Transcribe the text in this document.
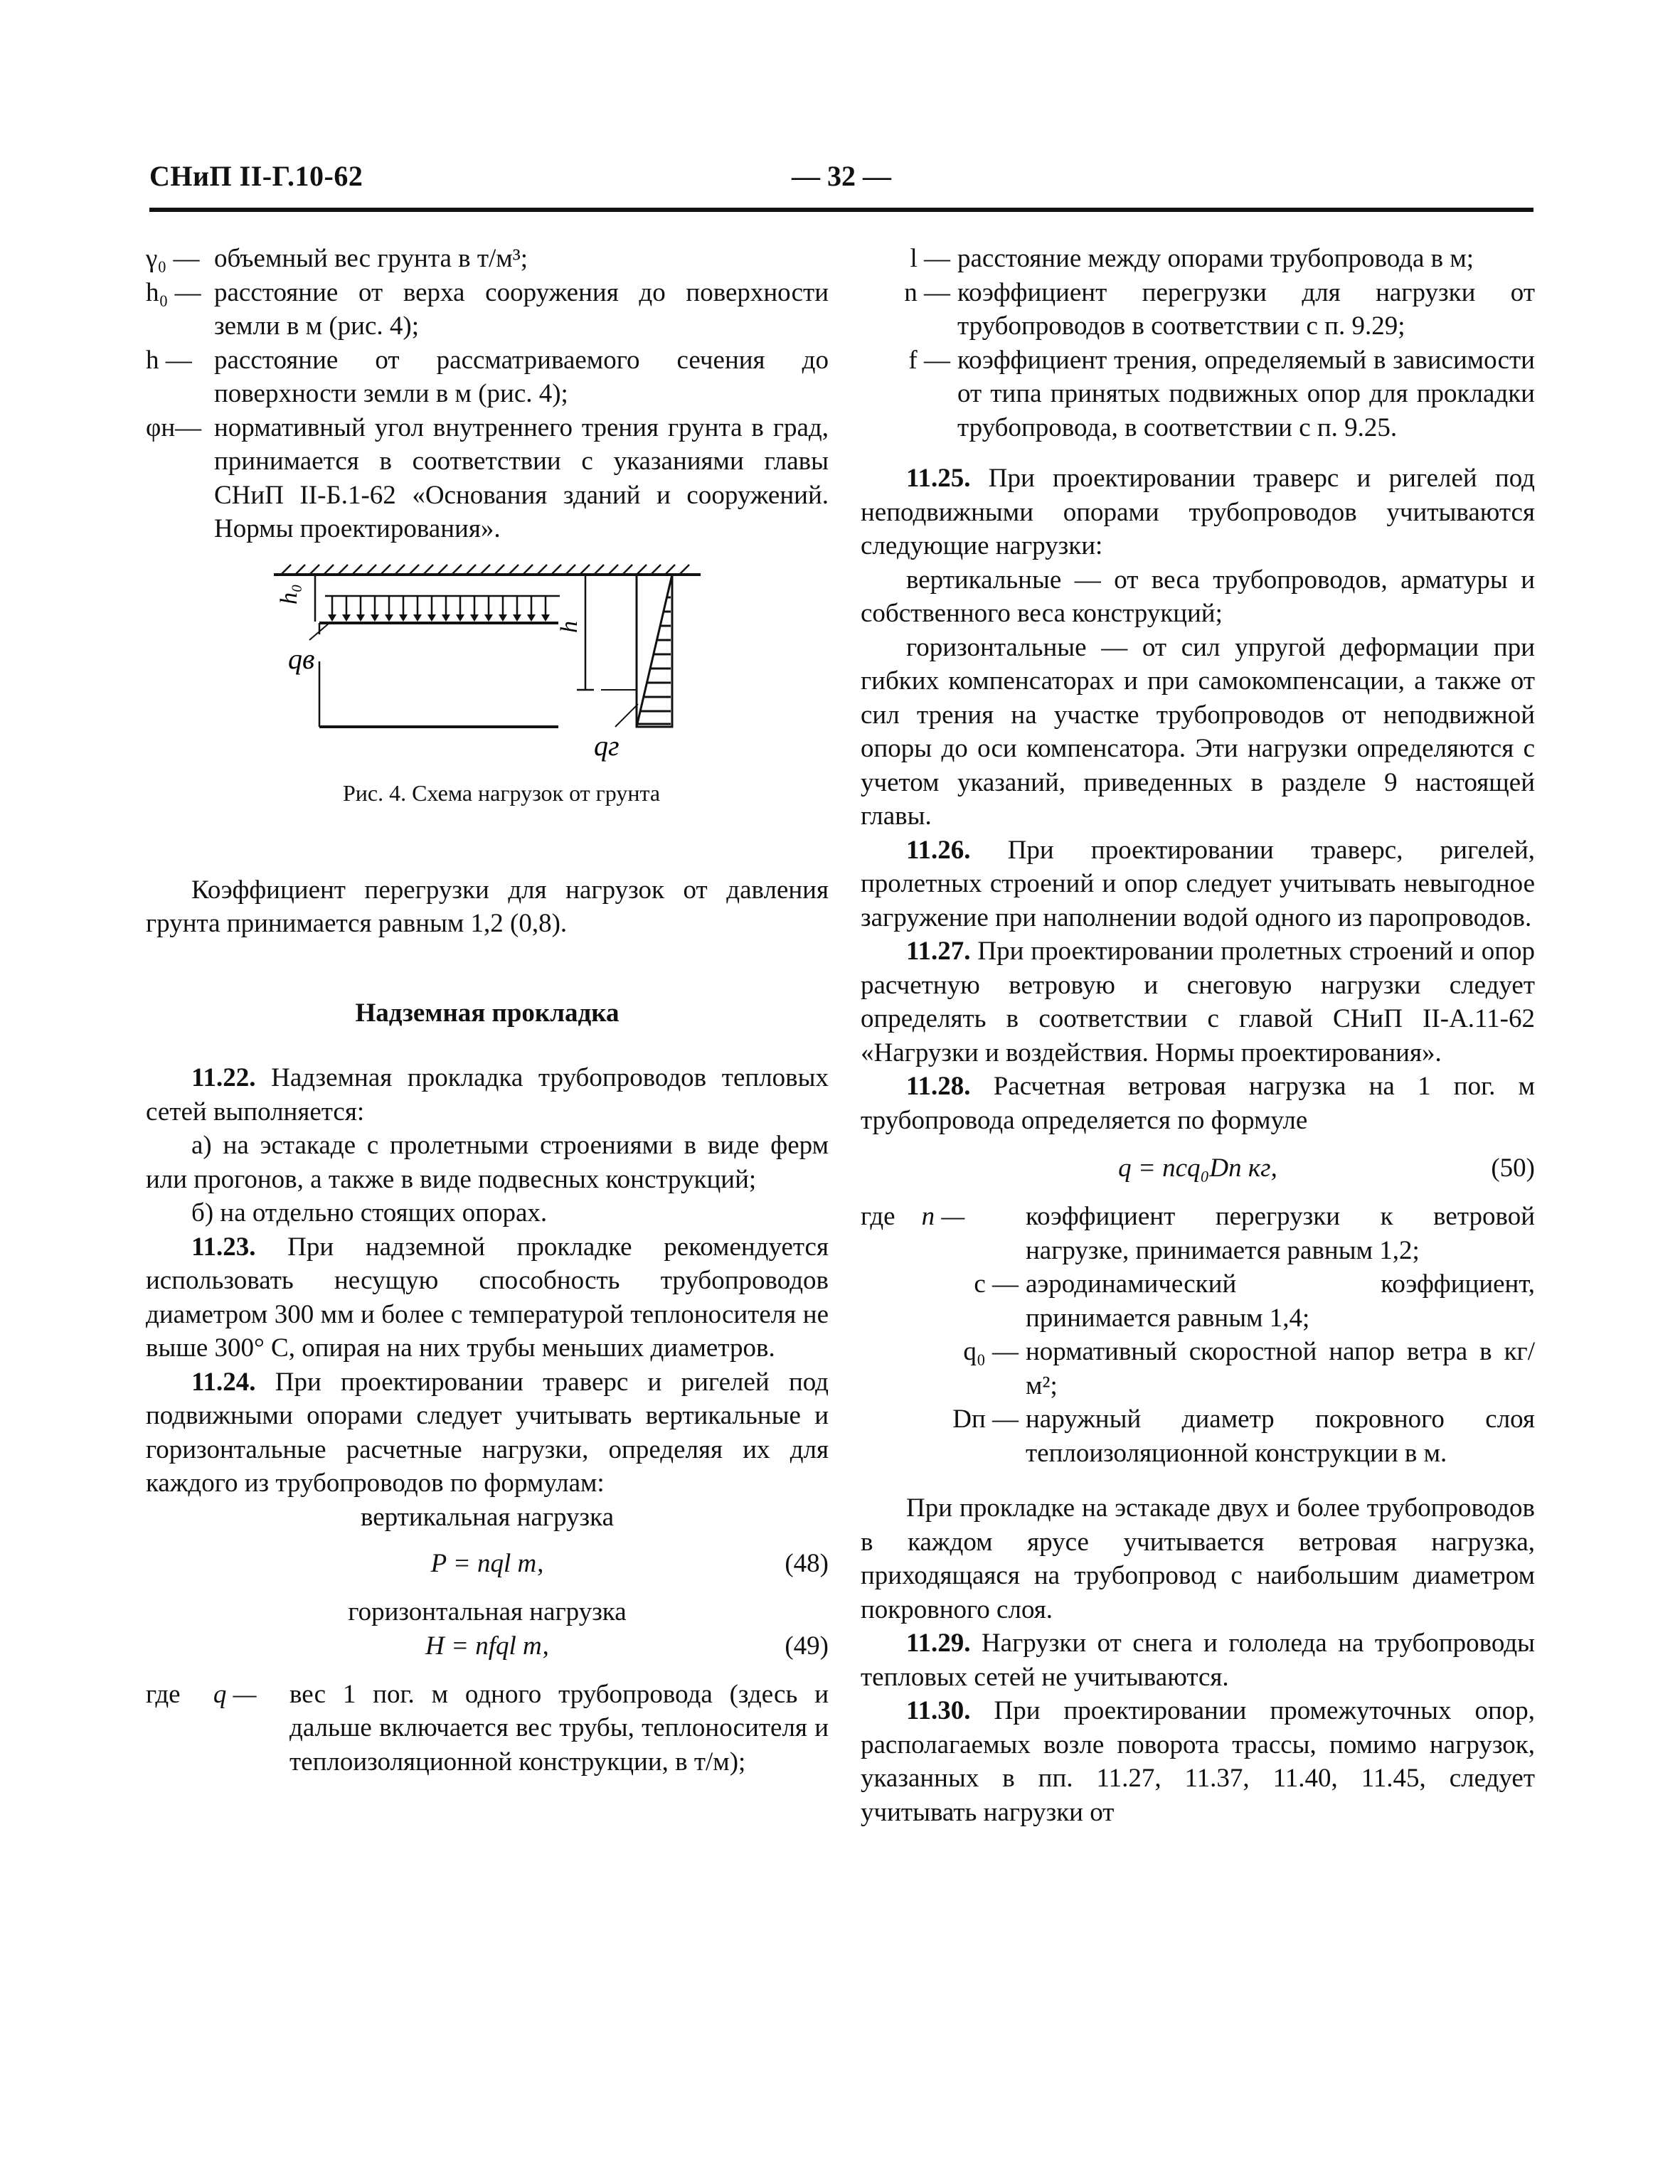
СНиП II-Г.10-62	— 32 —
γ₀ — объемный вес грунта в т/м³;
h₀ — расстояние от верха сооружения до поверхности земли в м (рис. 4);
h — расстояние от рассматриваемого сечения до поверхности земли в м (рис. 4);
φн— нормативный угол внутреннего трения грунта в град, принимается в соответствии с указаниями главы СНиП II-Б.1-62 «Основания зданий и сооружений. Нормы проектирования».
h₀
qв
h
qг
Рис. 4. Схема нагрузок от грунта
Коэффициент перегрузки для нагрузок от давления грунта принимается равным 1,2 (0,8).
Надземная прокладка
11.22. Надземная прокладка трубопроводов тепловых сетей выполняется:
а) на эстакаде с пролетными строениями в виде ферм или прогонов, а также в виде подвесных конструкций;
б) на отдельно стоящих опорах.
11.23. При надземной прокладке рекомендуется использовать несущую способность трубопроводов диаметром 300 мм и более с температурой теплоносителя не выше 300° С, опирая на них трубы меньших диаметров.
11.24. При проектировании траверс и ригелей под подвижными опорами следует учитывать вертикальные и горизонтальные расчетные нагрузки, определяя их для каждого из трубопроводов по формулам:
вертикальная нагрузка
P = nql т,	(48)
горизонтальная нагрузка
H = nfql т,	(49)
где q —	вес 1 пог. м одного трубопровода (здесь и дальше включается вес трубы, теплоносителя и теплоизоляционной конструкции, в т/м);
l — расстояние между опорами трубопровода в м;
n — коэффициент перегрузки для нагрузки от трубопроводов в соответствии с п. 9.29;
f — коэффициент трения, определяемый в зависимости от типа принятых подвижных опор для прокладки трубопровода, в соответствии с п. 9.25.
11.25. При проектировании траверс и ригелей под неподвижными опорами трубопроводов учитываются следующие нагрузки:
вертикальные — от веса трубопроводов, арматуры и собственного веса конструкций;
горизонтальные — от сил упругой деформации при гибких компенсаторах и при самокомпенсации, а также от сил трения на участке трубопроводов от неподвижной опоры до оси компенсатора. Эти нагрузки определяются с учетом указаний, приведенных в разделе 9 настоящей главы.
11.26. При проектировании траверс, ригелей, пролетных строений и опор следует учитывать невыгодное загружение при наполнении водой одного из паропроводов.
11.27. При проектировании пролетных строений и опор расчетную ветровую и снеговую нагрузки следует определять в соответствии с главой СНиП II-А.11-62 «Нагрузки и воздействия. Нормы проектирования».
11.28. Расчетная ветровая нагрузка на 1 пог. м трубопровода определяется по формуле
q = ncq₀Dп кг,	(50)
где n —	коэффициент перегрузки к ветровой нагрузке, принимается равным 1,2;
c — аэродинамический коэффициент, принимается равным 1,4;
q₀ — нормативный скоростной напор ветра в кг/м²;
Dп — наружный диаметр покровного слоя теплоизоляционной конструкции в м.
При прокладке на эстакаде двух и более трубопроводов в каждом ярусе учитывается ветровая нагрузка, приходящаяся на трубопровод с наибольшим диаметром покровного слоя.
11.29. Нагрузки от снега и гололеда на трубопроводы тепловых сетей не учитываются.
11.30. При проектировании промежуточных опор, располагаемых возле поворота трассы, помимо нагрузок, указанных в пп. 11.27, 11.37, 11.40, 11.45, следует учитывать нагрузки от
